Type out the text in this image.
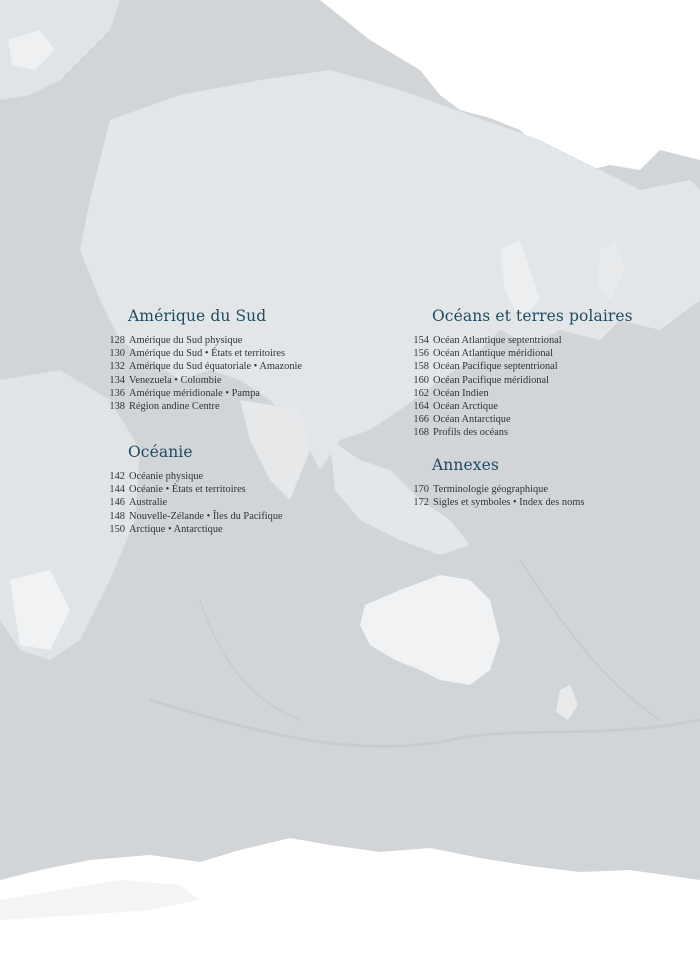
Amérique du Sud
128 Amérique du Sud physique
130 Amérique du Sud • États et territoires
132 Amérique du Sud équatoriale • Amazonie
134 Venezuela • Colombie
136 Amérique méridionale • Pampa
138 Région andine Centre
Océanie
142 Océanie physique
144 Océanie • États et territoires
146 Australie
148 Nouvelle-Zélande • Îles du Pacifique
150 Arctique • Antarctique
Océans et terres polaires
154 Océan Atlantique septentrional
156 Océan Atlantique méridional
158 Océan Pacifique septentrional
160 Océan Pacifique méridional
162 Océan Indien
164 Océan Arctique
166 Océan Antarctique
168 Profils des océans
Annexes
170 Terminologie géographique
172 Sigles et symboles • Index des noms
